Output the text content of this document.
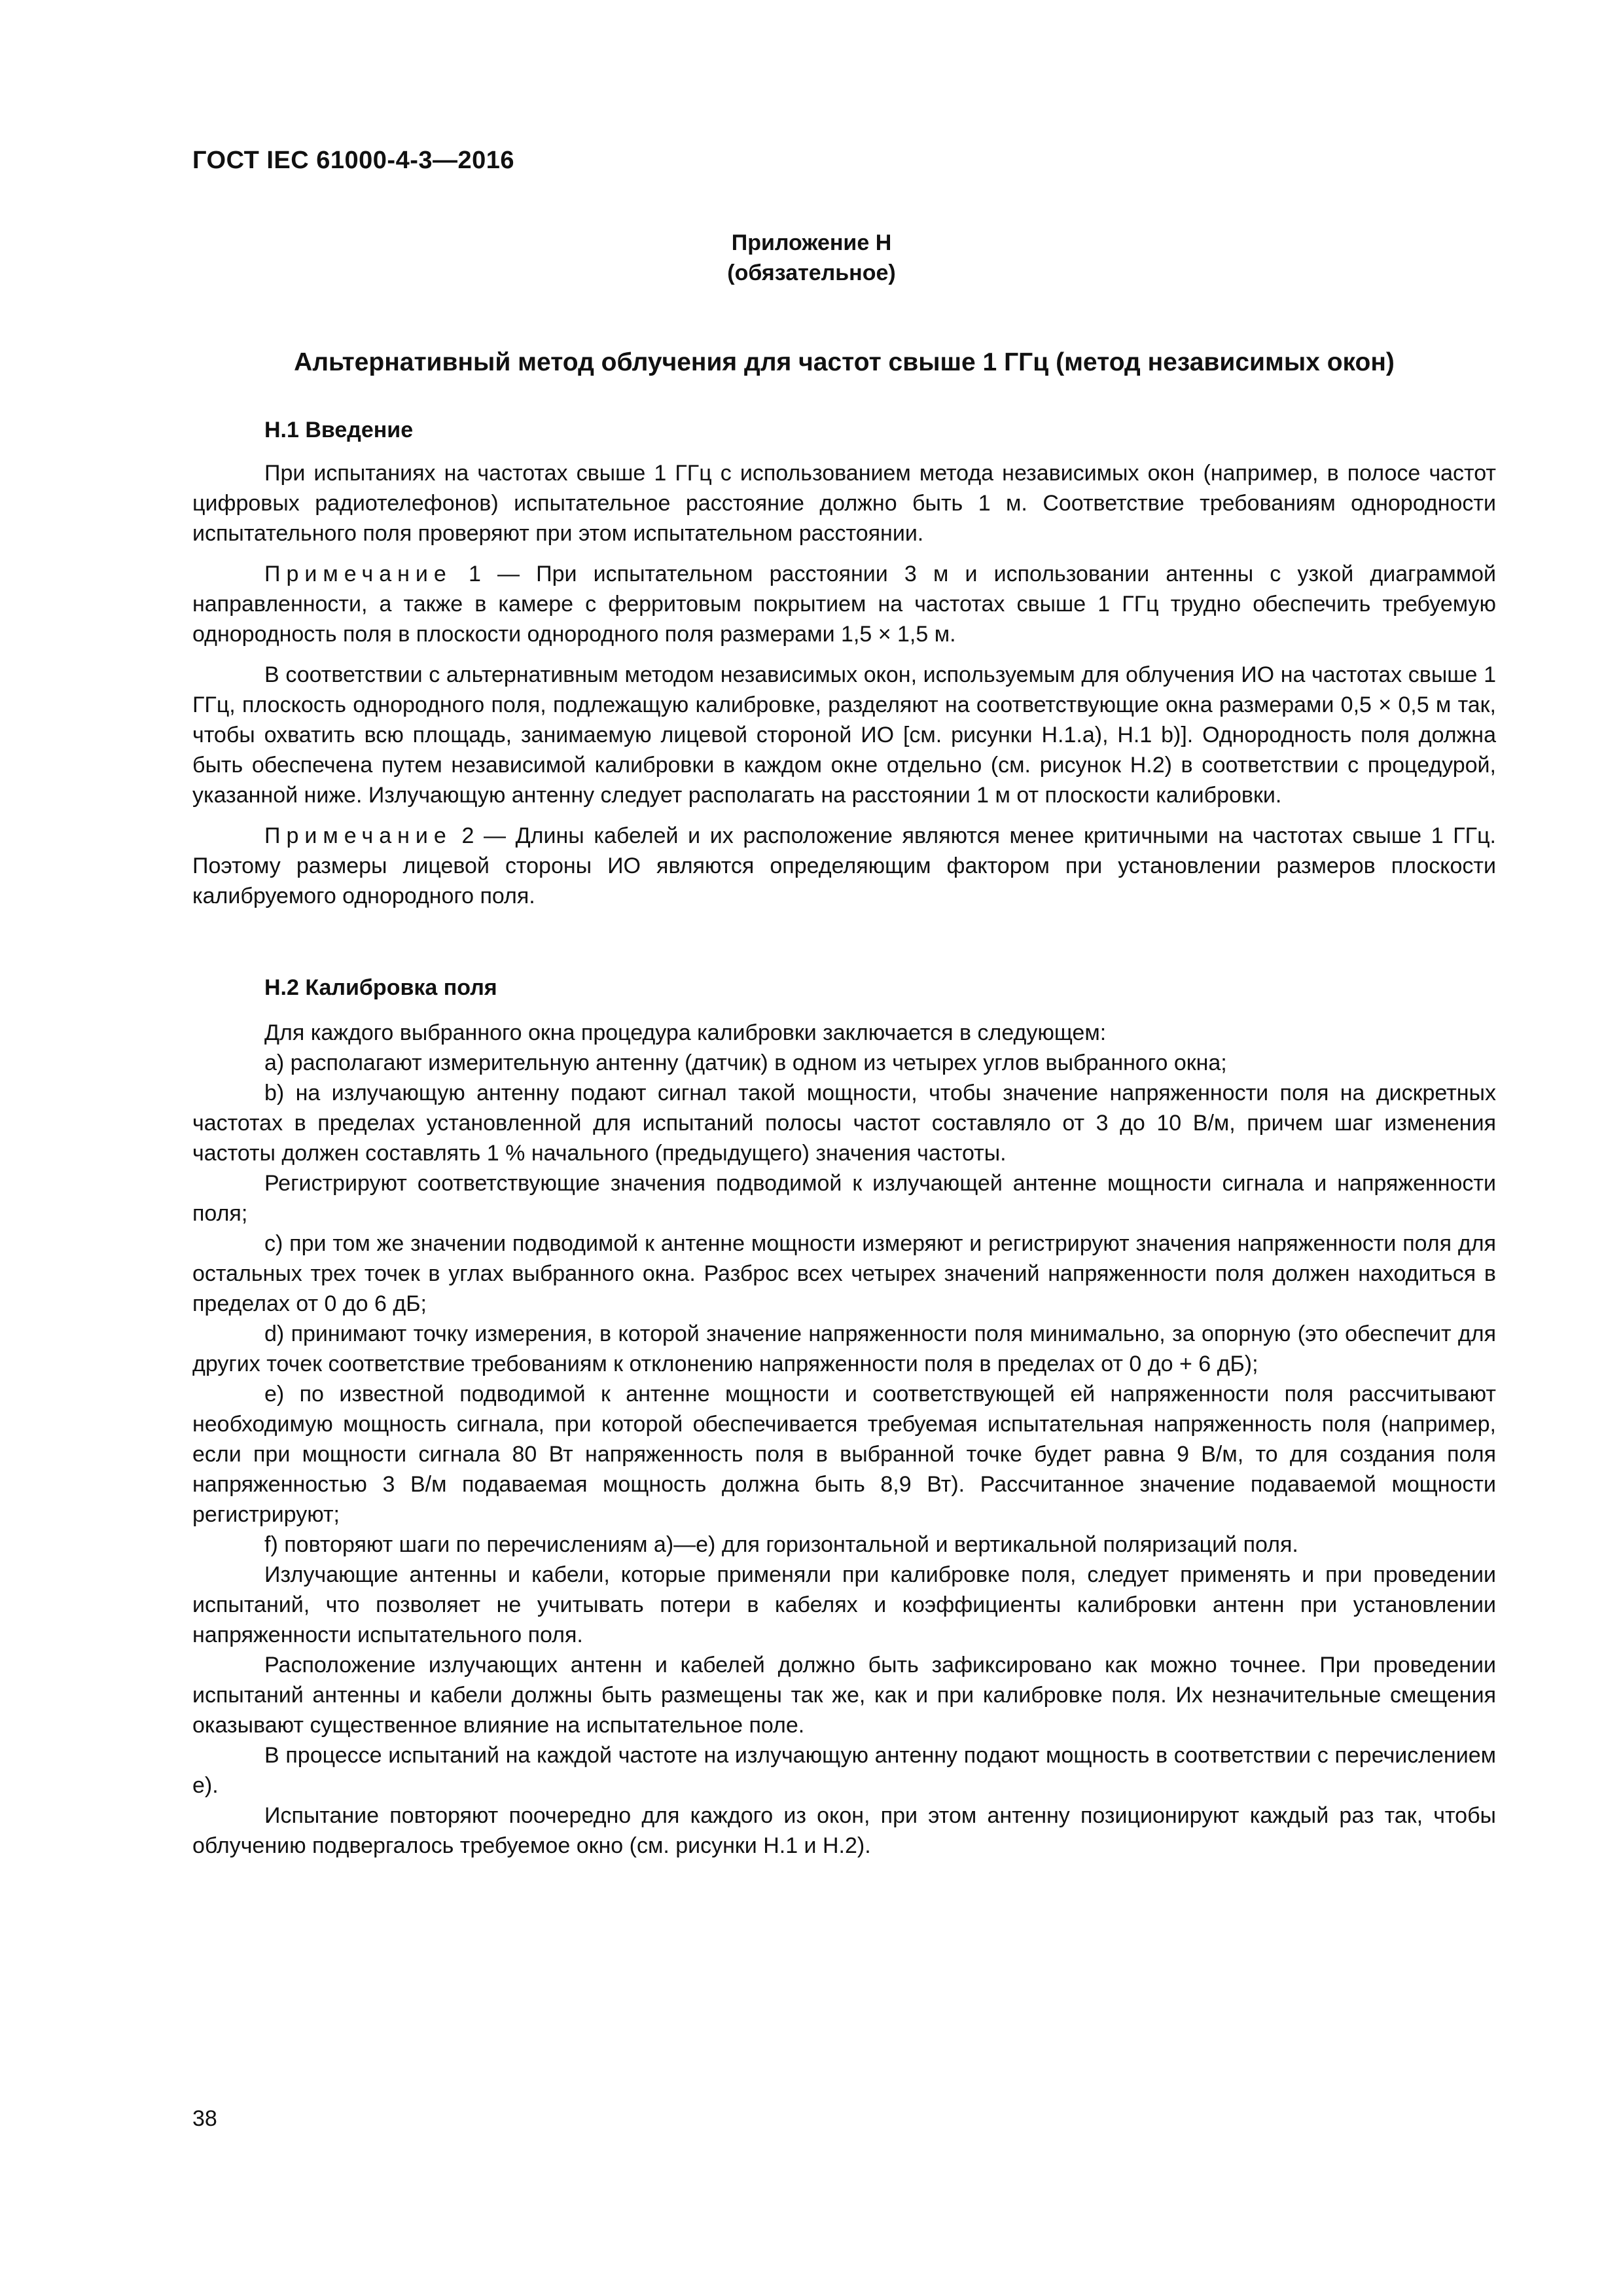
ГОСТ IEC 61000-4-3—2016
Приложение Н
(обязательное)
Альтернативный метод облучения для частот свыше 1 ГГц (метод независимых окон)
Н.1 Введение

При испытаниях на частотах свыше 1 ГГц с использованием метода независимых окон (например, в полосе частот цифровых радиотелефонов) испытательное расстояние должно быть 1 м. Соответствие требованиям однородности испытательного поля проверяют при этом испытательном расстоянии.

Примечание 1 — При испытательном расстоянии 3 м и использовании антенны с узкой диаграммой направленности, а также в камере с ферритовым покрытием на частотах свыше 1 ГГц трудно обеспечить требуемую однородность поля в плоскости однородного поля размерами 1,5 × 1,5 м.

В соответствии с альтернативным методом независимых окон, используемым для облучения ИО на частотах свыше 1 ГГц, плоскость однородного поля, подлежащую калибровке, разделяют на соответствующие окна размерами 0,5 × 0,5 м так, чтобы охватить всю площадь, занимаемую лицевой стороной ИО [см. рисунки Н.1.а), Н.1 b)]. Однородность поля должна быть обеспечена путем независимой калибровки в каждом окне отдельно (см. рисунок Н.2) в соответствии с процедурой, указанной ниже. Излучающую антенну следует располагать на расстоянии 1 м от плоскости калибровки.

Примечание 2 — Длины кабелей и их расположение являются менее критичными на частотах свыше 1 ГГц. Поэтому размеры лицевой стороны ИО являются определяющим фактором при установлении размеров плоскости калибруемого однородного поля.

Н.2 Калибровка поля

Для каждого выбранного окна процедура калибровки заключается в следующем:

а) располагают измерительную антенну (датчик) в одном из четырех углов выбранного окна;

b) на излучающую антенну подают сигнал такой мощности, чтобы значение напряженности поля на дискретных частотах в пределах установленной для испытаний полосы частот составляло от 3 до 10 В/м, причем шаг изменения частоты должен составлять 1 % начального (предыдущего) значения частоты.

Регистрируют соответствующие значения подводимой к излучающей антенне мощности сигнала и напряженности поля;

с) при том же значении подводимой к антенне мощности измеряют и регистрируют значения напряженности поля для остальных трех точек в углах выбранного окна. Разброс всех четырех значений напряженности поля должен находиться в пределах от 0 до 6 дБ;

d) принимают точку измерения, в которой значение напряженности поля минимально, за опорную (это обеспечит для других точек соответствие требованиям к отклонению напряженности поля в пределах от 0 до + 6 дБ);

е) по известной подводимой к антенне мощности и соответствующей ей напряженности поля рассчитывают необходимую мощность сигнала, при которой обеспечивается требуемая испытательная напряженность поля (например, если при мощности сигнала 80 Вт напряженность поля в выбранной точке будет равна 9 В/м, то для создания поля напряженностью 3 В/м подаваемая мощность должна быть 8,9 Вт). Рассчитанное значение подаваемой мощности регистрируют;

f) повторяют шаги по перечислениям а)—е) для горизонтальной и вертикальной поляризаций поля.

Излучающие антенны и кабели, которые применяли при калибровке поля, следует применять и при проведении испытаний, что позволяет не учитывать потери в кабелях и коэффициенты калибровки антенн при установлении напряженности испытательного поля.

Расположение излучающих антенн и кабелей должно быть зафиксировано как можно точнее. При проведении испытаний антенны и кабели должны быть размещены так же, как и при калибровке поля. Их незначительные смещения оказывают существенное влияние на испытательное поле.

В процессе испытаний на каждой частоте на излучающую антенну подают мощность в соответствии с перечислением е).

Испытание повторяют поочередно для каждого из окон, при этом антенну позиционируют каждый раз так, чтобы облучению подвергалось требуемое окно (см. рисунки Н.1 и Н.2).

38
